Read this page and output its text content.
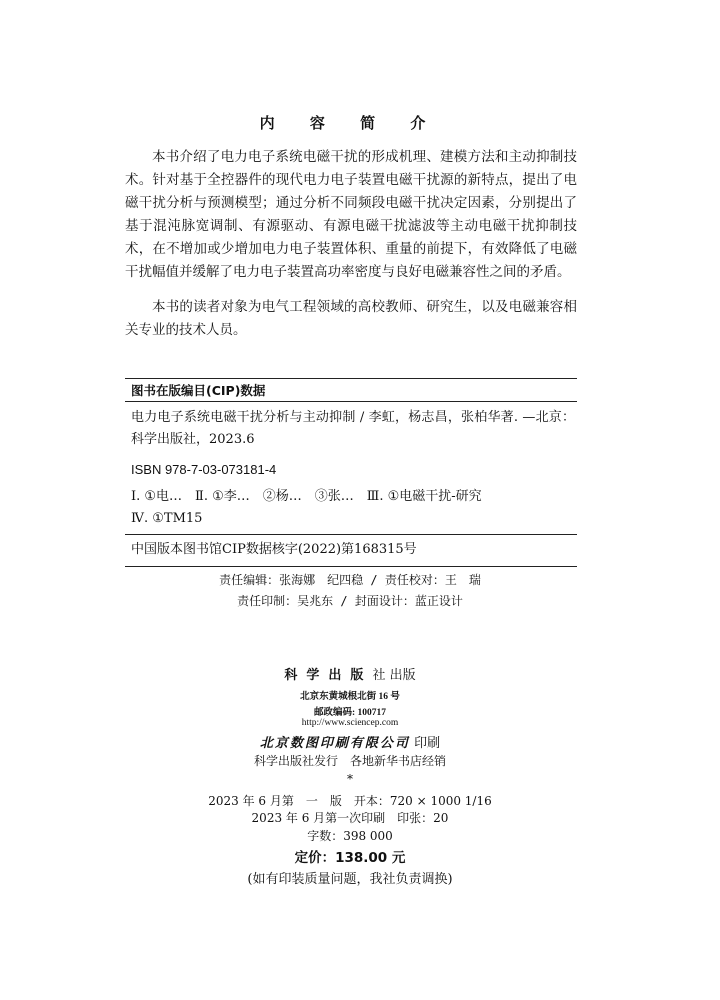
内 容 简 介

本书介绍了电力电子系统电磁干扰的形成机理、建模方法和主动抑制技术。针对基于全控器件的现代电力电子装置电磁干扰源的新特点，提出了电磁干扰分析与预测模型；通过分析不同频段电磁干扰决定因素，分别提出了基于混沌脉宽调制、有源驱动、有源电磁干扰滤波等主动电磁干扰抑制技术，在不增加或少增加电力电子装置体积、重量的前提下，有效降低了电磁干扰幅值并缓解了电力电子装置高功率密度与良好电磁兼容性之间的矛盾。

本书的读者对象为电气工程领域的高校教师、研究生，以及电磁兼容相关专业的技术人员。

图书在版编目(CIP)数据

电力电子系统电磁干扰分析与主动抑制 / 李虹，杨志昌，张柏华著. —北京：科学出版社，2023.6

ISBN 978-7-03-073181-4
Ⅰ. ①电…　Ⅱ. ①李…　②杨…　③张…　Ⅲ. ①电磁干扰-研究
Ⅳ. ①TM15
中国版本图书馆CIP数据核字(2022)第168315号
责任编辑：张海娜　纪四稳 / 责任校对：王　瑞
责任印制：吴兆东 / 封面设计：蓝正设计
科学出版社 出版
北京东黄城根北街 16 号
邮政编码: 100717
http://www.sciencep.com
北京数图印刷有限公司 印刷
科学出版社发行　各地新华书店经销
*
2023 年 6 月第　一　版　开本：720 × 1000 1/16
2023 年 6 月第一次印刷　印张：20
字数：398 000
定价：138.00 元
(如有印装质量问题，我社负责调换)
